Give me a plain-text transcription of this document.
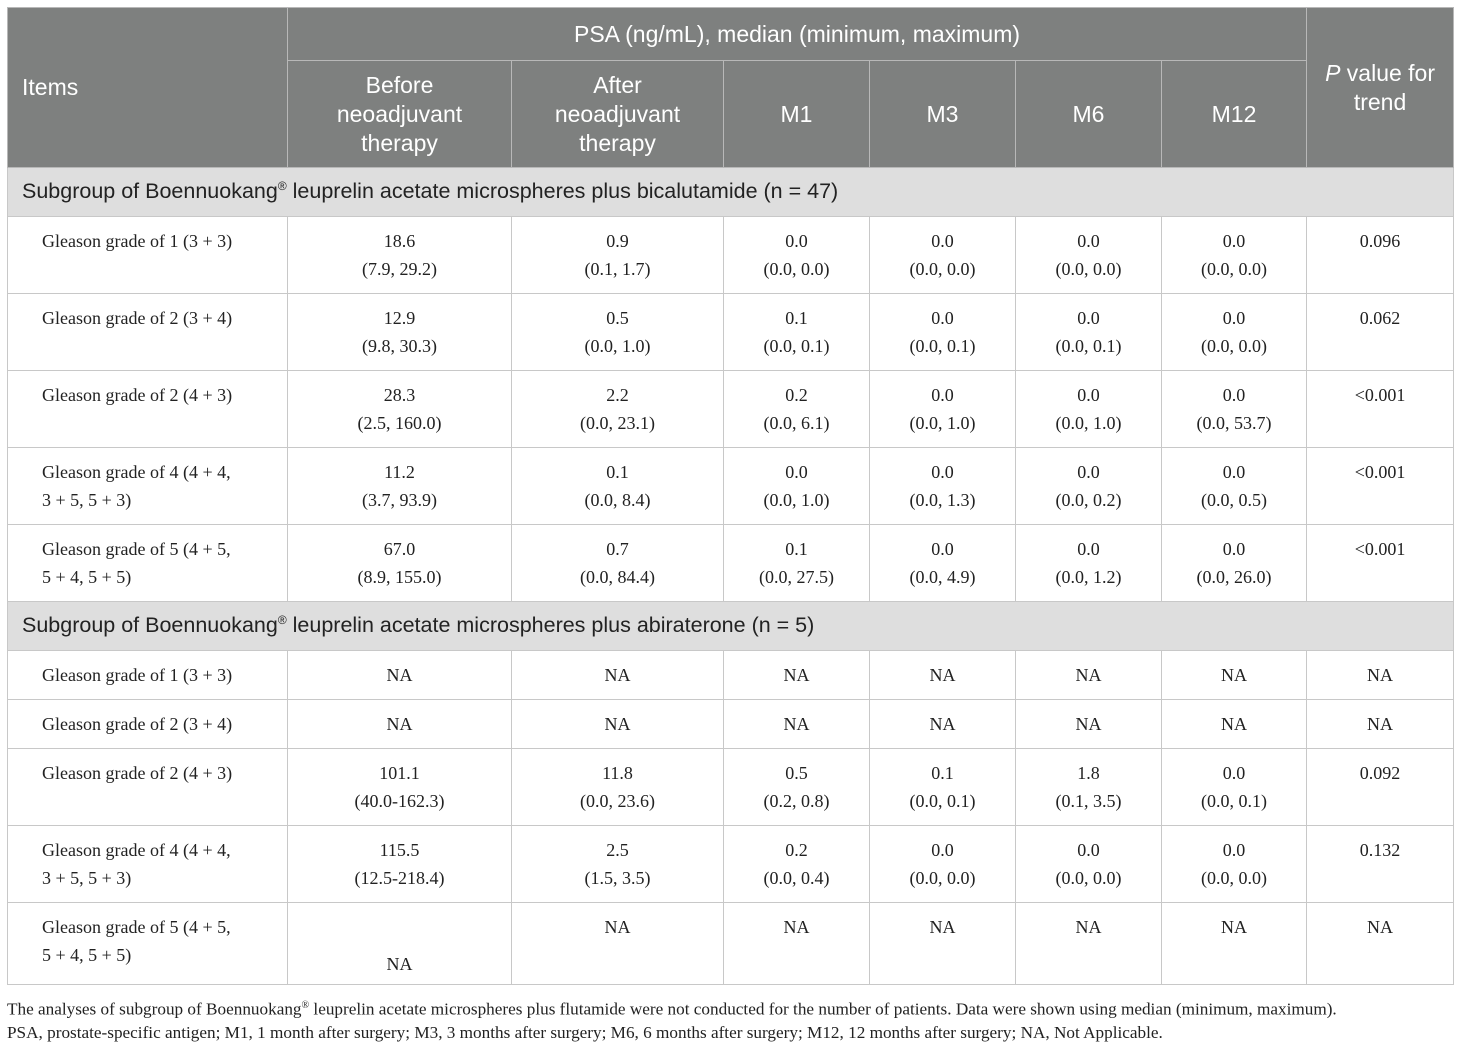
Items	PSA (ng/mL), median (minimum, maximum)						P value for trend

	Before
neoadjuvant
therapy	After
neoadjuvant
therapy	M1	M3	M6	M12	
Subgroup of Boennuokang® leuprelin acetate microspheres plus bicalutamide (n = 47)							

Gleason grade of 1 (3 + 3)	18.6
(7.9, 29.2)	0.9
(0.1, 1.7)	0.0
(0.0, 0.0)	0.0
(0.0, 0.0)	0.0
(0.0, 0.0)	0.0
(0.0, 0.0)	0.096

Gleason grade of 2 (3 + 4)	12.9
(9.8, 30.3)	0.5
(0.0, 1.0)	0.1
(0.0, 0.1)	0.0
(0.0, 0.1)	0.0
(0.0, 0.1)	0.0
(0.0, 0.0)	0.062

Gleason grade of 2 (4 + 3)	28.3
(2.5, 160.0)	2.2
(0.0, 23.1)	0.2
(0.0, 6.1)	0.0
(0.0, 1.0)	0.0
(0.0, 1.0)	0.0
(0.0, 53.7)	<0.001

Gleason grade of 4 (4 + 4,
3 + 5, 5 + 3)	11.2
(3.7, 93.9)	0.1
(0.0, 8.4)	0.0
(0.0, 1.0)	0.0
(0.0, 1.3)	0.0
(0.0, 0.2)	0.0
(0.0, 0.5)	<0.001

Gleason grade of 5 (4 + 5,
5 + 4, 5 + 5)	67.0
(8.9, 155.0)	0.7
(0.0, 84.4)	0.1
(0.0, 27.5)	0.0
(0.0, 4.9)	0.0
(0.0, 1.2)	0.0
(0.0, 26.0)	<0.001
Subgroup of Boennuokang® leuprelin acetate microspheres plus abiraterone (n = 5)							

Gleason grade of 1 (3 + 3)	NA	NA	NA	NA	NA	NA	NA

Gleason grade of 2 (3 + 4)	NA	NA	NA	NA	NA	NA	NA

Gleason grade of 2 (4 + 3)	101.1
(40.0-162.3)	11.8
(0.0, 23.6)	0.5
(0.2, 0.8)	0.1
(0.0, 0.1)	1.8
(0.1, 3.5)	0.0
(0.0, 0.1)	0.092

Gleason grade of 4 (4 + 4,
3 + 5, 5 + 3)	115.5
(12.5-218.4)	2.5
(1.5, 3.5)	0.2
(0.0, 0.4)	0.0
(0.0, 0.0)	0.0
(0.0, 0.0)	0.0
(0.0, 0.0)	0.132

Gleason grade of 5 (4 + 5,
5 + 4, 5 + 5)	NA	NA	NA	NA	NA	NA	NA
The analyses of subgroup of Boennuokang® leuprelin acetate microspheres plus flutamide were not conducted for the number of patients. Data were shown using median (minimum, maximum).
PSA, prostate-specific antigen; M1, 1 month after surgery; M3, 3 months after surgery; M6, 6 months after surgery; M12, 12 months after surgery; NA, Not Applicable.
